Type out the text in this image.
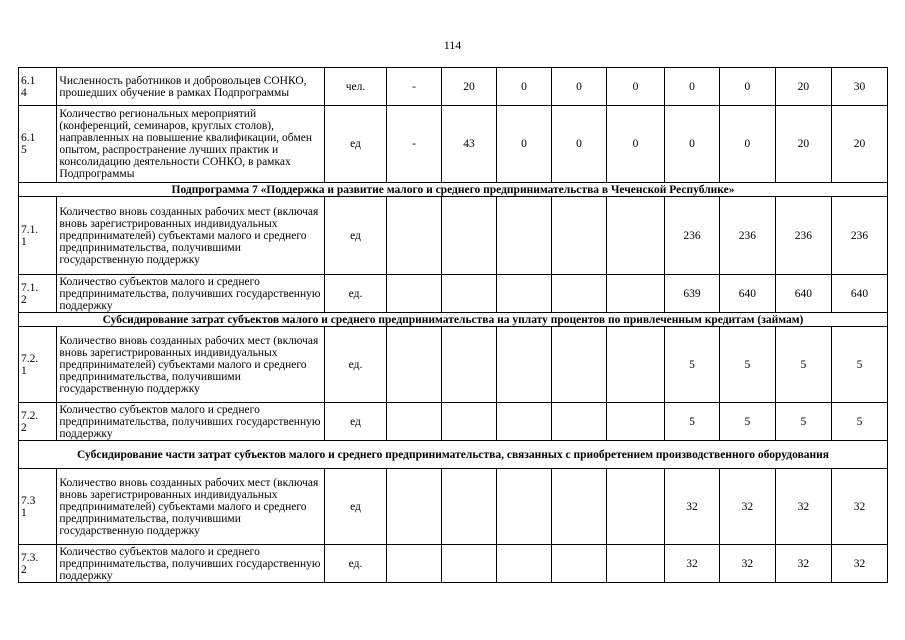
114
6.1
4	Численность работников и добровольцев СОНКО, прошедших обучение в рамках Подпрограммы	чел.	-	20	0	0	0	0	0	20	30
6.1
5	Количество региональных мероприятий (конференций, семинаров, круглых столов), направленных на повышение квалификации, обмен опытом, распространение лучших практик и консолидацию деятельности СОНКО, в рамках Подпрограммы	ед	-	43	0	0	0	0	0	20	20
Подпрограмма 7 «Поддержка и развитие малого и среднего предпринимательства в Чеченской Республике»											
7.1.
1	Количество вновь созданных рабочих мест (включая вновь зарегистрированных индивидуальных предпринимателей) субъектами малого и среднего предпринимательства, получившими государственную поддержку	ед						236	236	236	236
7.1.
2	Количество субъектов малого и среднего предпринимательства, получивших государственную поддержку	ед.						639	640	640	640
Субсидирование затрат субъектов малого и среднего предпринимательства на уплату процентов по привлеченным кредитам (займам)											
7.2.
1	Количество вновь созданных рабочих мест (включая вновь зарегистрированных индивидуальных предпринимателей) субъектами малого и среднего предпринимательства, получившими государственную поддержку	ед.						5	5	5	5
7.2.
2	Количество субъектов малого и среднего предпринимательства, получивших государственную поддержку	ед						5	5	5	5
Субсидирование части затрат субъектов малого и среднего предпринимательства, связанных с приобретением производственного оборудования											
7.3
1	Количество вновь созданных рабочих мест (включая вновь зарегистрированных индивидуальных предпринимателей) субъектами малого и среднего предпринимательства, получившими государственную поддержку	ед						32	32	32	32
7.3.
2	Количество субъектов малого и среднего предпринимательства, получивших государственную поддержку	ед.						32	32	32	32
